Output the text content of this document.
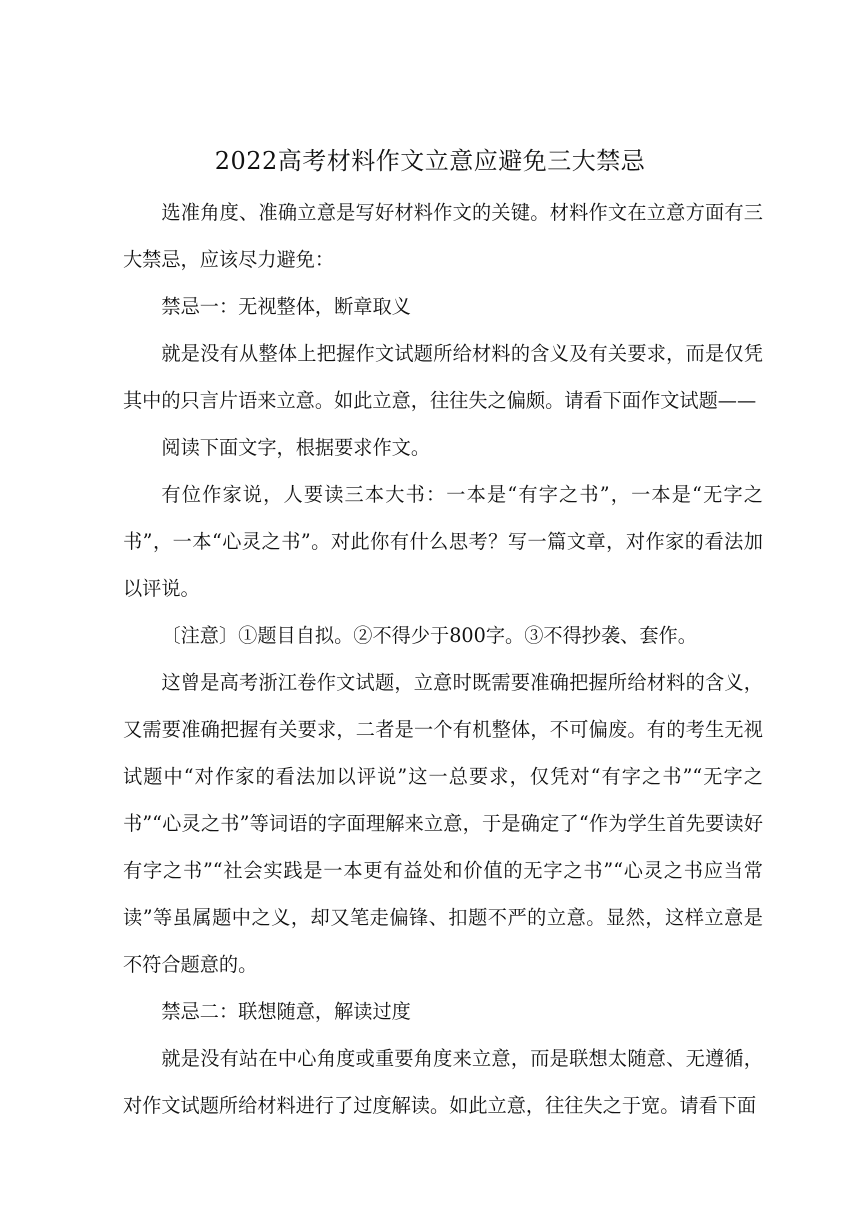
2022高考材料作文立意应避免三大禁忌

选准角度、准确立意是写好材料作文的关键。材料作文在立意方面有三大禁忌，应该尽力避免：

禁忌一：无视整体，断章取义

就是没有从整体上把握作文试题所给材料的含义及有关要求，而是仅凭其中的只言片语来立意。如此立意，往往失之偏颇。请看下面作文试题——

阅读下面文字，根据要求作文。

有位作家说，人要读三本大书：一本是“有字之书”，一本是“无字之书”，一本“心灵之书”。对此你有什么思考？写一篇文章，对作家的看法加以评说。

〔注意〕①题目自拟。②不得少于800字。③不得抄袭、套作。

这曾是高考浙江卷作文试题，立意时既需要准确把握所给材料的含义，又需要准确把握有关要求，二者是一个有机整体，不可偏废。有的考生无视试题中“对作家的看法加以评说”这一总要求，仅凭对“有字之书”“无字之书”“心灵之书”等词语的字面理解来立意，于是确定了“作为学生首先要读好有字之书”“社会实践是一本更有益处和价值的无字之书”“心灵之书应当常读”等虽属题中之义，却又笔走偏锋、扣题不严的立意。显然，这样立意是不符合题意的。

禁忌二：联想随意，解读过度

就是没有站在中心角度或重要角度来立意，而是联想太随意、无遵循，对作文试题所给材料进行了过度解读。如此立意，往往失之于宽。请看下面
